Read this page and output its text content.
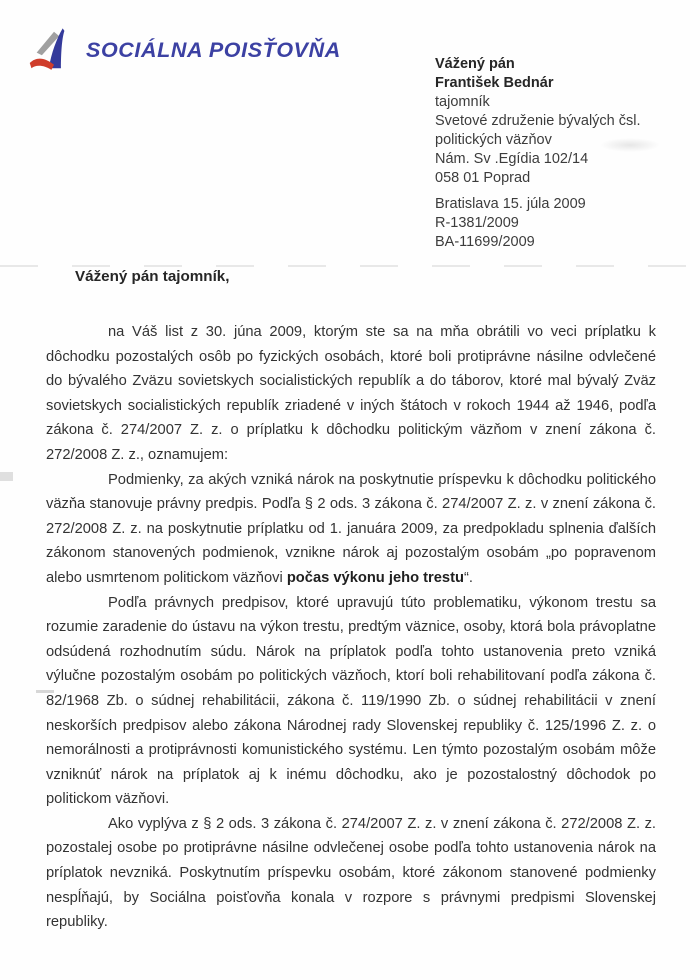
SOCIÁLNA POISŤOVŇA
Vážený pán
František Bednár
tajomník
Svetové združenie bývalých čsl.
politických väzňov
Nám. Sv .Egídia 102/14
058 01 Poprad
Bratislava 15. júla 2009
R-1381/2009
BA-11699/2009

Vážený pán tajomník,

na Váš list z 30. júna 2009, ktorým ste sa na mňa obrátili vo veci príplatku k dôchodku pozostalých osôb po fyzických osobách, ktoré boli protiprávne násilne odvlečené do bývalého Zväzu sovietskych socialistických republík a do táborov, ktoré mal bývalý Zväz sovietskych socialistických republík zriadené v iných štátoch v rokoch 1944 až 1946, podľa zákona č. 274/2007 Z. z. o príplatku k dôchodku politickým väzňom v znení zákona č. 272/2008 Z. z., oznamujem:

Podmienky, za akých vzniká nárok na poskytnutie príspevku k dôchodku politického väzňa stanovuje právny predpis. Podľa § 2 ods. 3 zákona č. 274/2007 Z. z. v znení zákona č. 272/2008 Z. z. na poskytnutie príplatku od 1. januára 2009, za predpokladu splnenia ďalších zákonom stanovených podmienok, vznikne nárok aj pozostalým osobám „po popravenom alebo usmrtenom politickom väzňovi počas výkonu jeho trestu“.

Podľa právnych predpisov, ktoré upravujú túto problematiku, výkonom trestu sa rozumie zaradenie do ústavu na výkon trestu, predtým väznice, osoby, ktorá bola právoplatne odsúdená rozhodnutím súdu. Nárok na príplatok podľa tohto ustanovenia preto vzniká výlučne pozostalým osobám po politických väzňoch, ktorí boli rehabilitovaní podľa zákona č. 82/1968 Zb. o súdnej rehabilitácii, zákona č. 119/1990 Zb. o súdnej rehabilitácii v znení neskorších predpisov alebo zákona Národnej rady Slovenskej republiky č. 125/1996 Z. z. o nemorálnosti a protiprávnosti komunistického systému. Len týmto pozostalým osobám môže vzniknúť nárok na príplatok aj k inému dôchodku, ako je pozostalostný dôchodok po politickom väzňovi.

Ako vyplýva z § 2 ods. 3 zákona č. 274/2007 Z. z. v znení zákona č. 272/2008 Z. z. pozostalej osobe po protiprávne násilne odvlečenej osobe podľa tohto ustanovenia nárok na príplatok nevzniká. Poskytnutím príspevku osobám, ktoré zákonom stanovené podmienky nespĺňajú, by Sociálna poisťovňa konala v rozpore s právnymi predpismi Slovenskej republiky.
